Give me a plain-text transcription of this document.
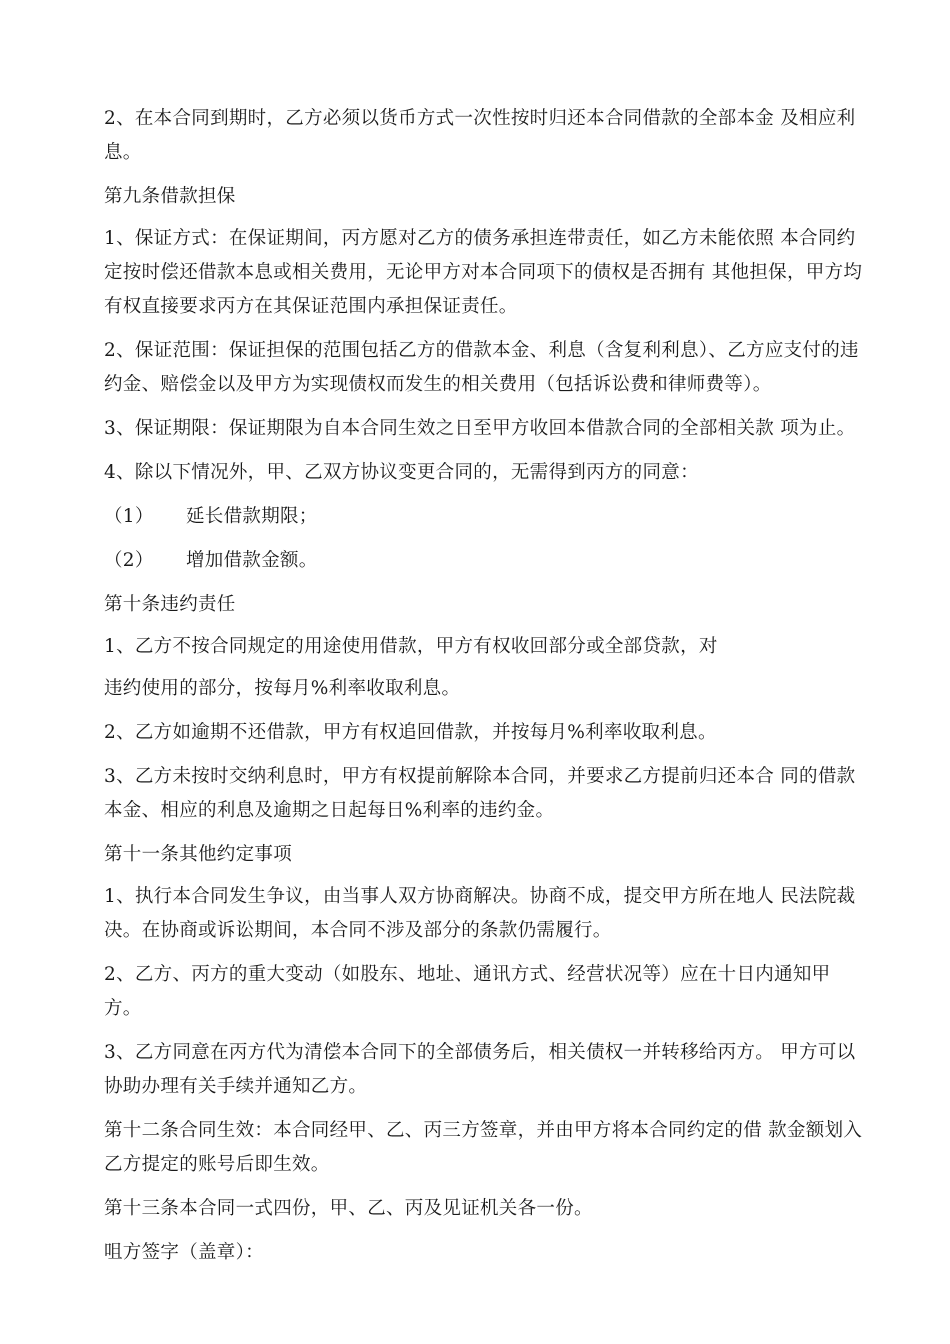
2、在本合同到期时，乙方必须以货币方式一次性按时归还本合同借款的全部本金 及相应利息。

第九条借款担保

1、保证方式：在保证期间，丙方愿对乙方的债务承担连带责任，如乙方未能依照 本合同约定按时偿还借款本息或相关费用，无论甲方对本合同项下的债权是否拥有 其他担保，甲方均有权直接要求丙方在其保证范围内承担保证责任。

2、保证范围：保证担保的范围包括乙方的借款本金、利息（含复利利息）、乙方应支付的违约金、赔偿金以及甲方为实现债权而发生的相关费用（包括诉讼费和律师费等）。

3、保证期限：保证期限为自本合同生效之日至甲方收回本借款合同的全部相关款 项为止。

4、除以下情况外，甲、乙双方协议变更合同的，无需得到丙方的同意：

（1）	延长借款期限；
（2）	增加借款金额。

第十条违约责任

1、乙方不按合同规定的用途使用借款，甲方有权收回部分或全部贷款，对

违约使用的部分，按每月%利率收取利息。

2、乙方如逾期不还借款，甲方有权追回借款，并按每月%利率收取利息。

3、乙方未按时交纳利息时，甲方有权提前解除本合同，并要求乙方提前归还本合 同的借款本金、相应的利息及逾期之日起每日%利率的违约金。

第十一条其他约定事项

1、执行本合同发生争议，由当事人双方协商解决。协商不成，提交甲方所在地人 民法院裁决。在协商或诉讼期间，本合同不涉及部分的条款仍需履行。

2、乙方、丙方的重大变动（如股东、地址、通讯方式、经营状况等）应在十日内通知甲方。

3、乙方同意在丙方代为清偿本合同下的全部债务后，相关债权一并转移给丙方。 甲方可以协助办理有关手续并通知乙方。

第十二条合同生效：本合同经甲、乙、丙三方签章，并由甲方将本合同约定的借 款金额划入乙方提定的账号后即生效。

第十三条本合同一式四份，甲、乙、丙及见证机关各一份。

咀方签字（盖章）：
